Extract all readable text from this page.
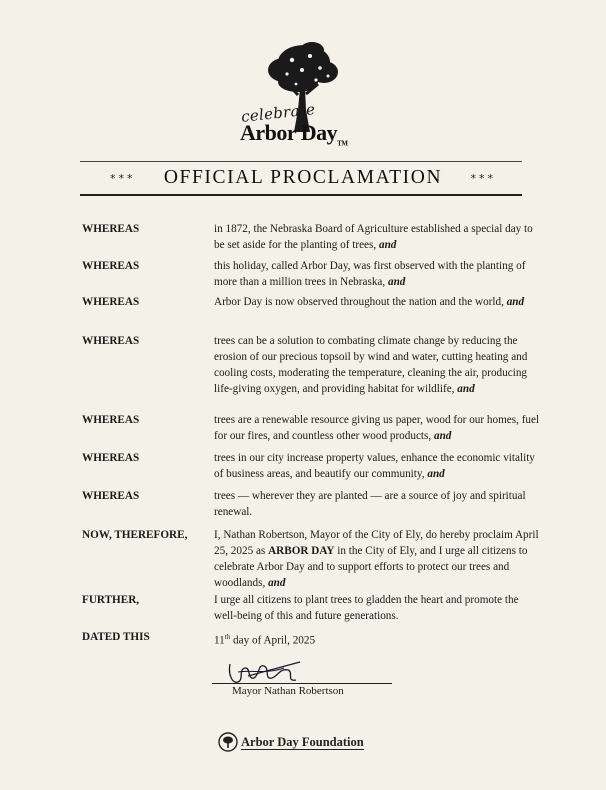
celebrate
Arbor Day$_{TM}$
*** OFFICIAL PROCLAMATION	***
WHEREAS	in 1872, the Nebraska Board of Agriculture established a special day to be set aside for the planting of trees, and
WHEREAS	this holiday, called Arbor Day, was first observed with the planting of more than a million trees in Nebraska, and
WHEREAS	Arbor Day is now observed throughout the nation and the world, and
WHEREAS	trees can be a solution to combating climate change by reducing the erosion of our precious topsoil by wind and water, cutting heating and cooling costs, moderating the temperature, cleaning the air, producing life-giving oxygen, and providing habitat for wildlife, and
WHEREAS	trees are a renewable resource giving us paper, wood for our homes, fuel for our fires, and countless other wood products, and
WHEREAS	trees in our city increase property values, enhance the economic vitality of business areas, and beautify our community, and
WHEREAS	trees — wherever they are planted — are a source of joy and spiritual renewal.
NOW, THEREFORE,	I, Nathan Robertson, Mayor of the City of Ely, do hereby proclaim April 25, 2025 as ARBOR DAY in the City of Ely, and I urge all citizens to celebrate Arbor Day and to support efforts to protect our trees and woodlands, and
FURTHER,	I urge all citizens to plant trees to gladden the heart and promote the well-being of this and future generations.
DATED THIS	11th day of April, 2025
Mayor Nathan Robertson
Arbor Day Foundation
